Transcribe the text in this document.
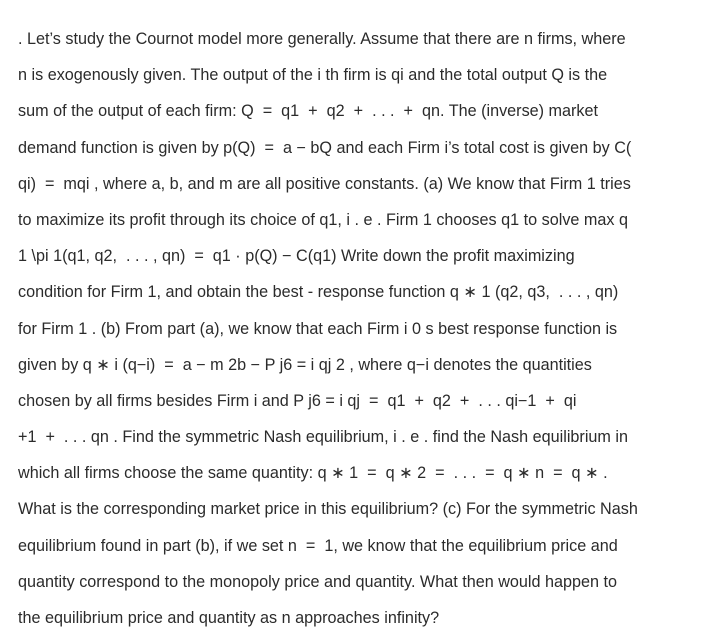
. Let’s study the Cournot model more generally. Assume that there are n firms, where
n is exogenously given. The output of the i th firm is qi and the total output Q is the
sum of the output of each firm: Q  =  q1  +  q2  +  . . .  +  qn. The (inverse) market
demand function is given by p(Q)  =  a − bQ and each Firm i’s total cost is given by C(
qi)  =  mqi , where a, b, and m are all positive constants. (a) We know that Firm 1 tries
to maximize its profit through its choice of q1, i . e . Firm 1 chooses q1 to solve max q
1 \pi 1(q1, q2,  . . . , qn)  =  q1 · p(Q) − C(q1) Write down the profit maximizing
condition for Firm 1, and obtain the best - response function q ∗ 1 (q2, q3,  . . . , qn)
for Firm 1 . (b) From part (a), we know that each Firm i 0 s best response function is
given by q ∗ i (q−i)  =  a − m 2b − P j6 = i qj 2 , where q−i denotes the quantities
chosen by all firms besides Firm i and P j6 = i qj  =  q1  +  q2  +  . . . qi−1  +  qi
+1  +  . . . qn . Find the symmetric Nash equilibrium, i . e . find the Nash equilibrium in
which all firms choose the same quantity: q ∗ 1  =  q ∗ 2  =  . . .  =  q ∗ n  =  q ∗ .
What is the corresponding market price in this equilibrium? (c) For the symmetric Nash
equilibrium found in part (b), if we set n  =  1, we know that the equilibrium price and
quantity correspond to the monopoly price and quantity. What then would happen to
the equilibrium price and quantity as n approaches infinity?
